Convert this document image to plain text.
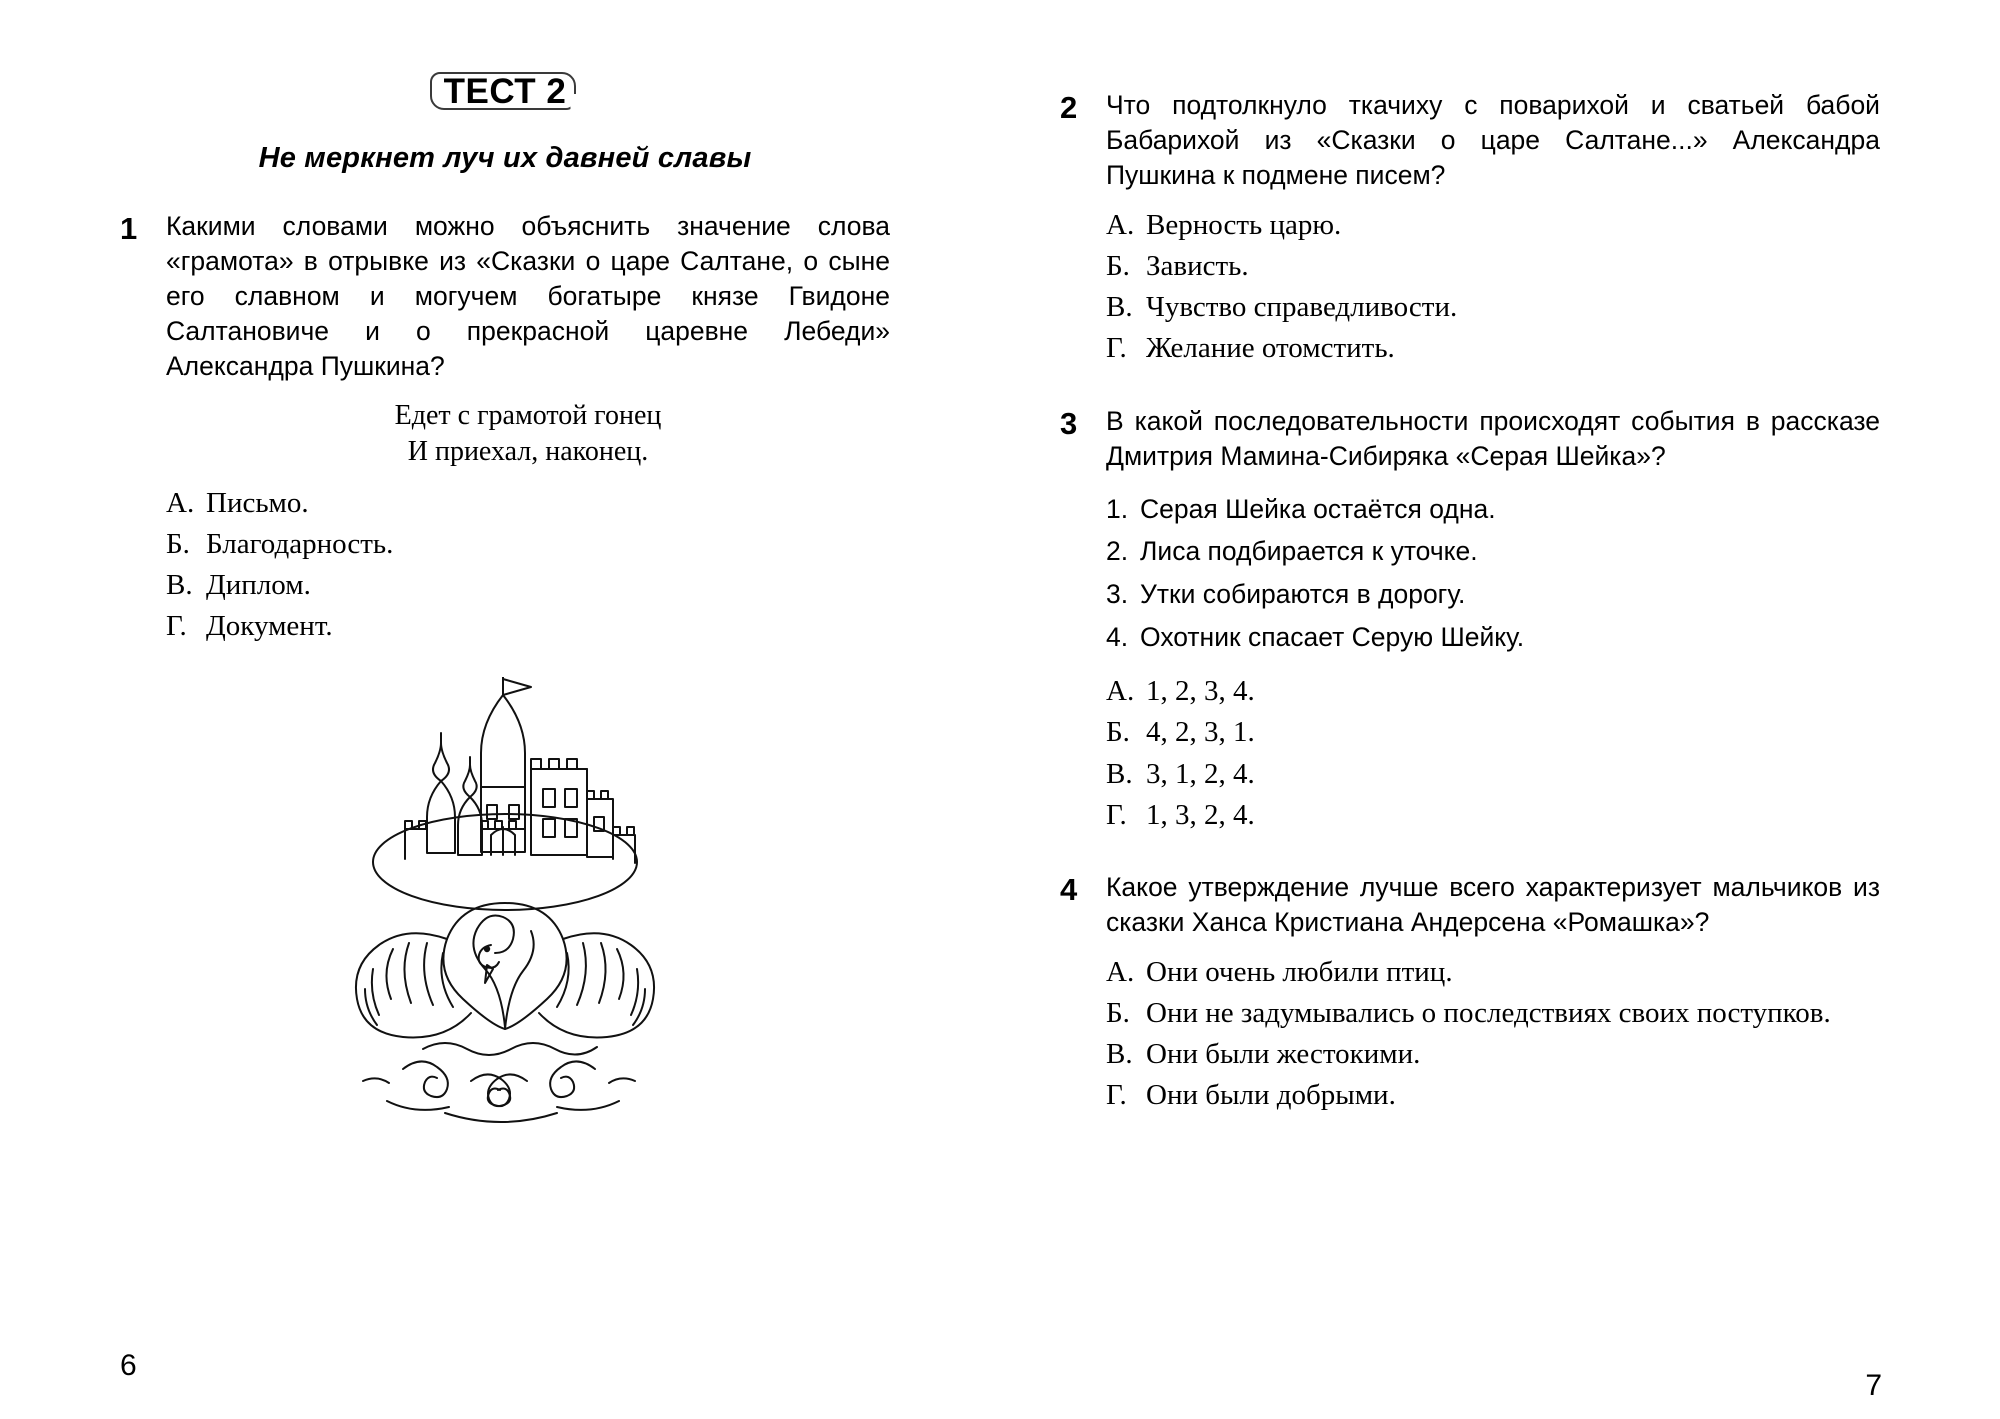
ТЕСТ 2
Не меркнет луч их давней славы
1	Какими словами можно объяснить значение слова «грамота» в отрывке из «Сказки о царе Салтане, о сыне его славном и могучем богатыре князе Гвидоне Салтановиче и о прекрасной царевне Лебеди» Александра Пушкина?
Едет с грамотой гонец
И приехал, наконец.
А. Письмо.
Б. Благодарность.
В. Диплом.
Г. Документ.
6
2	Что подтолкнуло ткачиху с поварихой и сватьей бабой Бабарихой из «Сказки о царе Салтане...» Александра Пушкина к подмене писем?
А. Верность царю.
Б. Зависть.
В. Чувство справедливости.
Г. Желание отомстить.
3	В какой последовательности происходят события в рассказе Дмитрия Мамина-Сибиряка «Серая Шейка»?
1. Серая Шейка остаётся одна.
2. Лиса подбирается к уточке.
3. Утки собираются в дорогу.
4. Охотник спасает Серую Шейку.
А. 1, 2, 3, 4.
Б. 4, 2, 3, 1.
В. 3, 1, 2, 4.
Г. 1, 3, 2, 4.
4	Какое утверждение лучше всего характеризует мальчиков из сказки Ханса Кристиана Андерсена «Ромашка»?
А. Они очень любили птиц.
Б. Они не задумывались о последствиях своих поступков.
В. Они были жестокими.
Г. Они были добрыми.
7
